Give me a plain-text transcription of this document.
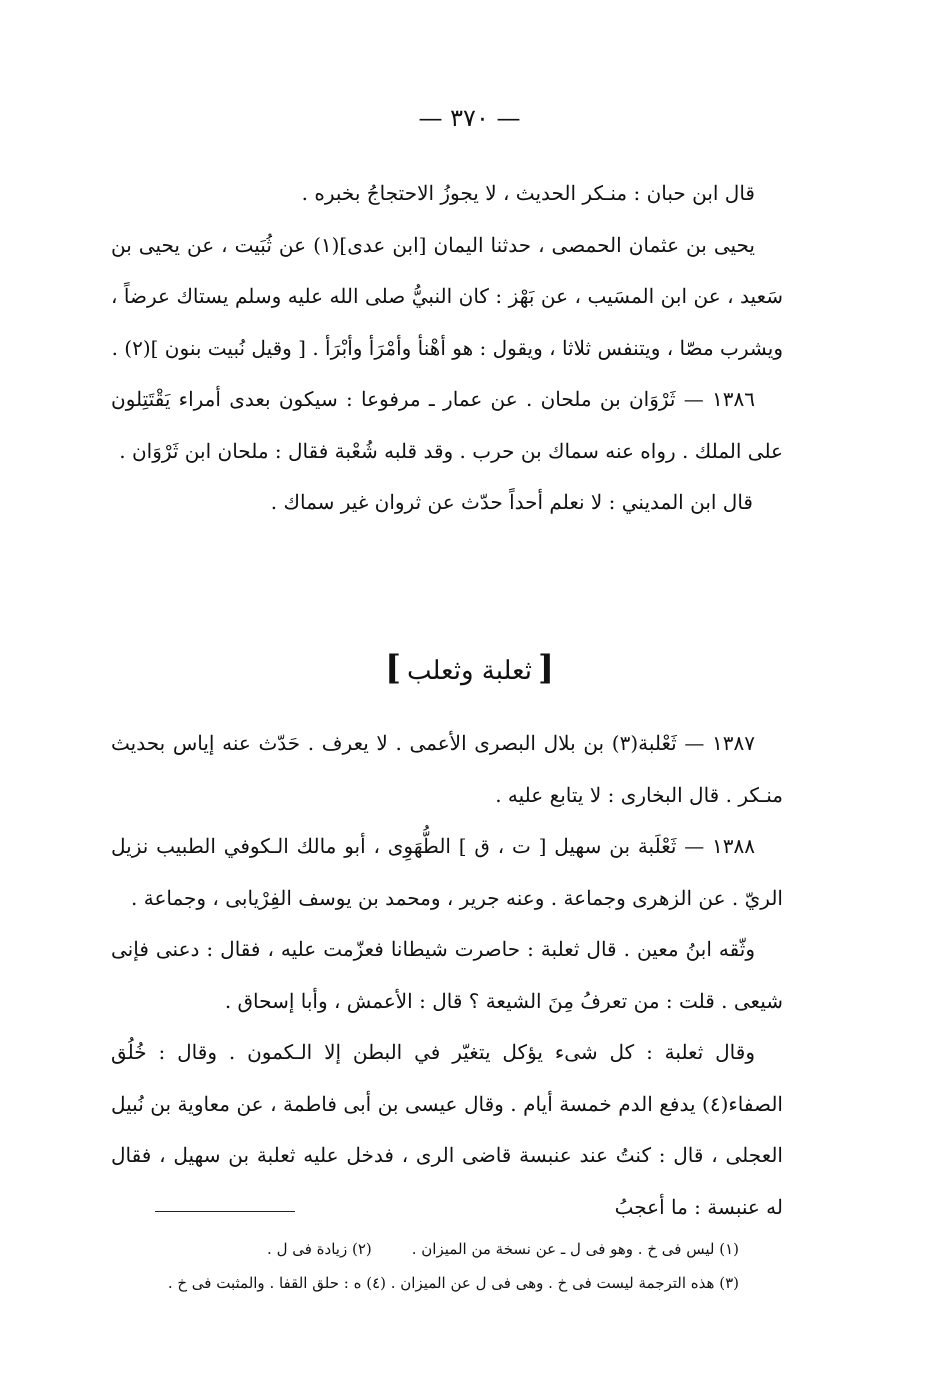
— ٣٧٠ —

قال ابن حبان : منـكر الحديث ، لا يجوزُ الاحتجاجُ بخبره .

يحيى بن عثمان الحمصى ، حدثنا اليمان [ابن عدى](١) عن ثُبَيت ، عن يحيى بن سَعيد ، عن ابن المسَيب ، عن بَهْز : كان النبيُّ صلى الله عليه وسلم يستاك عرضاً ، ويشرب مصّا ، ويتنفس ثلاثا ، ويقول : هو أهْنأ وأمْرَأ وأبْرَأ . [ وقيل نُبيت بنون ](٢) .

١٣٨٦ — ثَرْوَان بن ملحان . عن عمار ـ مرفوعا : سيكون بعدى أمراء يَقْتَتِلون على الملك . رواه عنه سماك بن حرب . وقد قلبه شُعْبة فقال : ملحان ابن ثَرْوَان .

قال ابن المديني : لا نعلم أحداً حدّث عن ثروان غير سماك .

[ثعلبة وثعلب]

١٣٨٧ — ثَعْلبة(٣) بن بلال البصرى الأعمى . لا يعرف . حَدّث عنه إياس بحديث منـكر . قال البخارى : لا يتابع عليه .

١٣٨٨ — ثَعْلَبة بن سهيل [ ت ، ق ] الطُّهَوِى ، أبو مالك الـكوفي الطبيب نزيل الريّ . عن الزهرى وجماعة . وعنه جرير ، ومحمد بن يوسف الفِرْيابى ، وجماعة .

وثّقه ابنُ معين . قال ثعلبة : حاصرت شيطانا فعزّمت عليه ، فقال : دعنى فإنى شيعى . قلت : من تعرفُ مِنَ الشيعة ؟ قال : الأعمش ، وأبا إسحاق .

وقال ثعلبة : كل شىء يؤكل يتغيّر في البطن إلا الـكمون . وقال : خُلُق الصفاء(٤) يدفع الدم خمسة أيام . وقال عيسى بن أبى فاطمة ، عن معاوية بن نُبيل العجلى ، قال : كنتُ عند عنبسة قاضى الرى ، فدخل عليه ثعلبة بن سهيل ، فقال له عنبسة : ما أعجبُ

(١) ليس فى خ . وهو فى ل ـ عن نسخة من الميزان .(٢) زيادة فى ل .

(٣) هذه الترجمة ليست فى خ . وهى فى ل عن الميزان . (٤) ه : حلق القفا . والمثبت فى خ .
